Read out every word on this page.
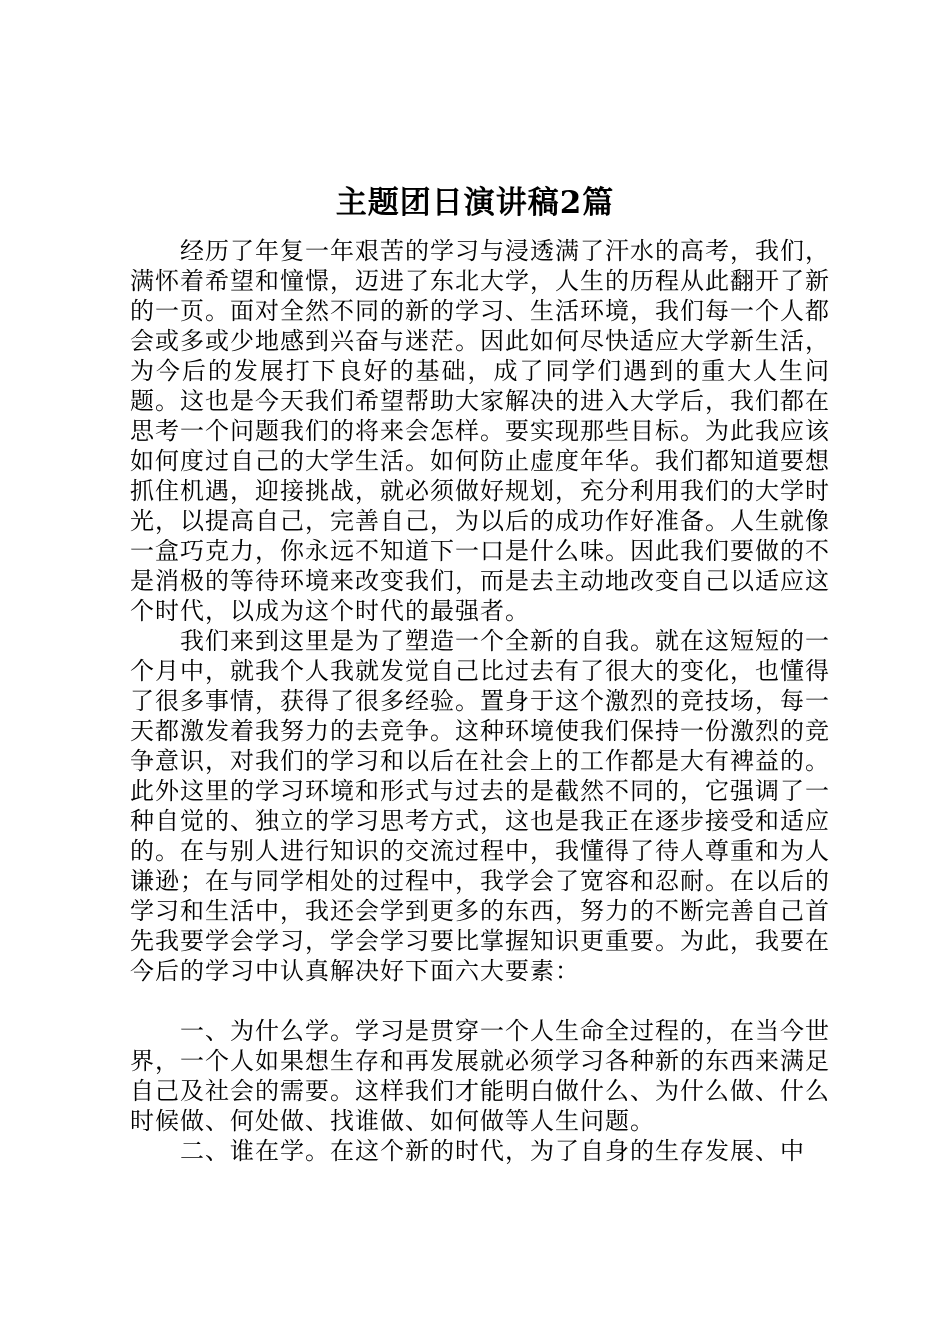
主题团日演讲稿2篇

经历了年复一年艰苦的学习与浸透满了汗水的高考，我们，满怀着希望和憧憬，迈进了东北大学，人生的历程从此翻开了新的一页。面对全然不同的新的学习、生活环境，我们每一个人都会或多或少地感到兴奋与迷茫。因此如何尽快适应大学新生活，为今后的发展打下良好的基础，成了同学们遇到的重大人生问题。这也是今天我们希望帮助大家解决的进入大学后，我们都在思考一个问题我们的将来会怎样。要实现那些目标。为此我应该如何度过自己的大学生活。如何防止虚度年华。我们都知道要想抓住机遇，迎接挑战，就必须做好规划，充分利用我们的大学时光，以提高自己，完善自己，为以后的成功作好准备。人生就像一盒巧克力，你永远不知道下一口是什么味。因此我们要做的不是消极的等待环境来改变我们，而是去主动地改变自己以适应这个时代，以成为这个时代的最强者。

我们来到这里是为了塑造一个全新的自我。就在这短短的一个月中，就我个人我就发觉自己比过去有了很大的变化，也懂得了很多事情，获得了很多经验。置身于这个激烈的竞技场，每一天都激发着我努力的去竞争。这种环境使我们保持一份激烈的竞争意识，对我们的学习和以后在社会上的工作都是大有裨益的。此外这里的学习环境和形式与过去的是截然不同的，它强调了一种自觉的、独立的学习思考方式，这也是我正在逐步接受和适应的。在与别人进行知识的交流过程中，我懂得了待人尊重和为人谦逊；在与同学相处的过程中，我学会了宽容和忍耐。在以后的学习和生活中，我还会学到更多的东西，努力的不断完善自己首先我要学会学习，学会学习要比掌握知识更重要。为此，我要在今后的学习中认真解决好下面六大要素：

一、为什么学。学习是贯穿一个人生命全过程的，在当今世界，一个人如果想生存和再发展就必须学习各种新的东西来满足自己及社会的需要。这样我们才能明白做什么、为什么做、什么时候做、何处做、找谁做、如何做等人生问题。

二、谁在学。在这个新的时代，为了自身的生存发展、中
